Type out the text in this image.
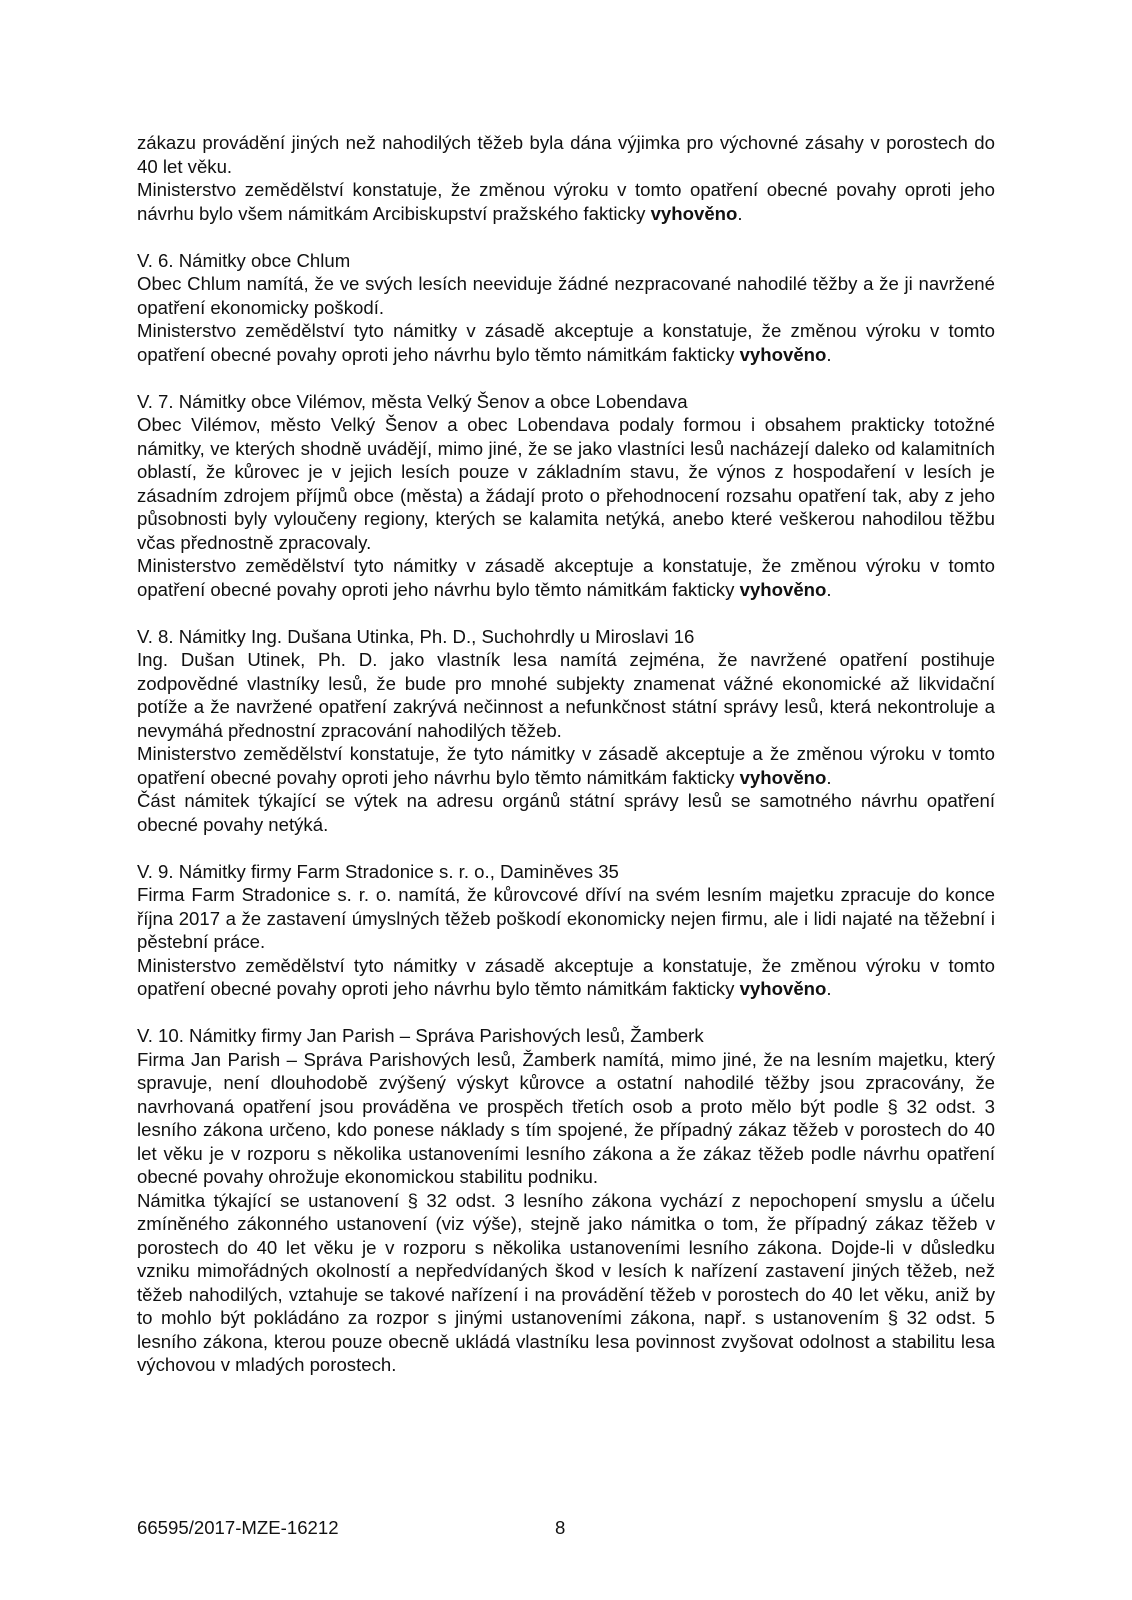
zákazu provádění jiných než nahodilých těžeb byla dána výjimka pro výchovné zásahy v porostech do 40 let věku.

Ministerstvo zemědělství konstatuje, že změnou výroku v tomto opatření obecné povahy oproti jeho návrhu bylo všem námitkám Arcibiskupství pražského fakticky vyhověno.

V. 6. Námitky obce Chlum

Obec Chlum namítá, že ve svých lesích neeviduje žádné nezpracované nahodilé těžby a že ji navržené opatření ekonomicky poškodí.

Ministerstvo zemědělství tyto námitky v zásadě akceptuje a konstatuje, že změnou výroku v tomto opatření obecné povahy oproti jeho návrhu bylo těmto námitkám fakticky vyhověno.

V. 7. Námitky obce Vilémov, města Velký Šenov a obce Lobendava

Obec Vilémov, město Velký Šenov a obec Lobendava podaly formou i obsahem prakticky totožné námitky, ve kterých shodně uvádějí, mimo jiné, že se jako vlastníci lesů nacházejí daleko od kalamitních oblastí, že kůrovec je v jejich lesích pouze v základním stavu, že výnos z hospodaření v lesích je zásadním zdrojem příjmů obce (města) a žádají proto o přehodnocení rozsahu opatření tak, aby z jeho působnosti byly vyloučeny regiony, kterých se kalamita netýká, anebo které veškerou nahodilou těžbu včas přednostně zpracovaly.

Ministerstvo zemědělství tyto námitky v zásadě akceptuje a konstatuje, že změnou výroku v tomto opatření obecné povahy oproti jeho návrhu bylo těmto námitkám fakticky vyhověno.

V. 8. Námitky Ing. Dušana Utinka, Ph. D., Suchohrdly u Miroslavi 16

Ing. Dušan Utinek, Ph. D. jako vlastník lesa namítá zejména, že navržené opatření postihuje zodpovědné vlastníky lesů, že bude pro mnohé subjekty znamenat vážné ekonomické až likvidační potíže a že navržené opatření zakrývá nečinnost a nefunkčnost státní správy lesů, která nekontroluje a nevymáhá přednostní zpracování nahodilých těžeb.

Ministerstvo zemědělství konstatuje, že tyto námitky v zásadě akceptuje a že změnou výroku v tomto opatření obecné povahy oproti jeho návrhu bylo těmto námitkám fakticky vyhověno.

Část námitek týkající se výtek na adresu orgánů státní správy lesů se samotného návrhu opatření obecné povahy netýká.

V. 9. Námitky firmy Farm Stradonice s. r. o., Daminěves 35

Firma Farm Stradonice s. r. o. namítá, že kůrovcové dříví na svém lesním majetku zpracuje do konce října 2017 a že zastavení úmyslných těžeb poškodí ekonomicky nejen firmu, ale i lidi najaté na těžební i pěstební práce.

Ministerstvo zemědělství tyto námitky v zásadě akceptuje a konstatuje, že změnou výroku v tomto opatření obecné povahy oproti jeho návrhu bylo těmto námitkám fakticky vyhověno.

V. 10. Námitky firmy Jan Parish – Správa Parishových lesů, Žamberk

Firma Jan Parish – Správa Parishových lesů, Žamberk namítá, mimo jiné, že na lesním majetku, který spravuje, není dlouhodobě zvýšený výskyt kůrovce a ostatní nahodilé těžby jsou zpracovány, že navrhovaná opatření jsou prováděna ve prospěch třetích osob a proto mělo být podle § 32 odst. 3 lesního zákona určeno, kdo ponese náklady s tím spojené, že případný zákaz těžeb v porostech do 40 let věku je v rozporu s několika ustanoveními lesního zákona a že zákaz těžeb podle návrhu opatření obecné povahy ohrožuje ekonomickou stabilitu podniku.

Námitka týkající se ustanovení § 32 odst. 3 lesního zákona vychází z nepochopení smyslu a účelu zmíněného zákonného ustanovení (viz výše), stejně jako námitka o tom, že případný zákaz těžeb v porostech do 40 let věku je v rozporu s několika ustanoveními lesního zákona. Dojde-li v důsledku vzniku mimořádných okolností a nepředvídaných škod v lesích k nařízení zastavení jiných těžeb, než těžeb nahodilých, vztahuje se takové nařízení i na provádění těžeb v porostech do 40 let věku, aniž by to mohlo být pokládáno za rozpor s jinými ustanoveními zákona, např. s ustanovením § 32 odst. 5 lesního zákona, kterou pouze obecně ukládá vlastníku lesa povinnost zvyšovat odolnost a stabilitu lesa výchovou v mladých porostech.

66595/2017-MZE-16212	8
